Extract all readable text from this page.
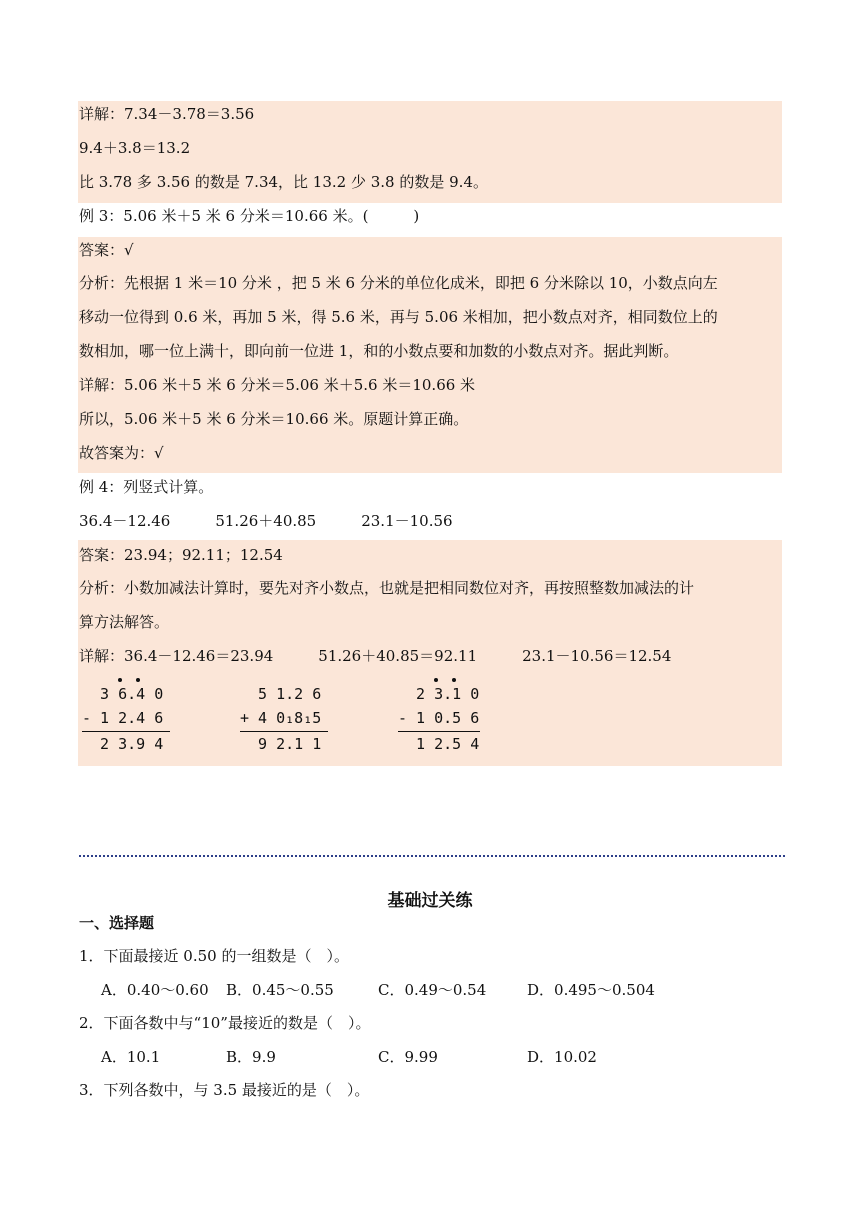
详解：7.34－3.78＝3.56
9.4＋3.8＝13.2
比 3.78 多 3.56 的数是 7.34，比 13.2 少 3.8 的数是 9.4。
例 3：5.06 米＋5 米 6 分米＝10.66 米。(　　　)
答案：√
分析：先根据 1 米＝10 分米 ，把 5 米 6 分米的单位化成米，即把 6 分米除以 10，小数点向左
移动一位得到 0.6 米，再加 5 米，得 5.6 米，再与 5.06 米相加，把小数点对齐，相同数位上的
数相加，哪一位上满十，即向前一位进 1，和的小数点要和加数的小数点对齐。据此判断。
详解：5.06 米＋5 米 6 分米＝5.06 米＋5.6 米＝10.66 米
所以，5.06 米＋5 米 6 分米＝10.66 米。原题计算正确。
故答案为：√
例 4：列竖式计算。
36.4－12.46　　　51.26＋40.85　　　23.1－10.56
答案：23.94；92.11；12.54
分析：小数加减法计算时，要先对齐小数点，也就是把相同数位对齐，再按照整数加减法的计
算方法解答。
详解：36.4－12.46＝23.94　　　51.26＋40.85＝92.11　　　23.1－10.56＝12.54
3 6.4 0
- 1 2.4 6
2 3.9 4
5 1.2 6
+ 4 0₁8₁5
9 2.1 1
2 3.1 0
- 1 0.5 6
1 2.5 4
基础过关练
一、选择题
1．下面最接近 0.50 的一组数是（　）。
A．0.40～0.60 B．0.45～0.55	C．0.49～0.54	D．0.495～0.504
2．下面各数中与“10”最接近的数是（　）。
A．10.1	B．9.9	C．9.99	D．10.02
3．下列各数中，与 3.5 最接近的是（　）。
